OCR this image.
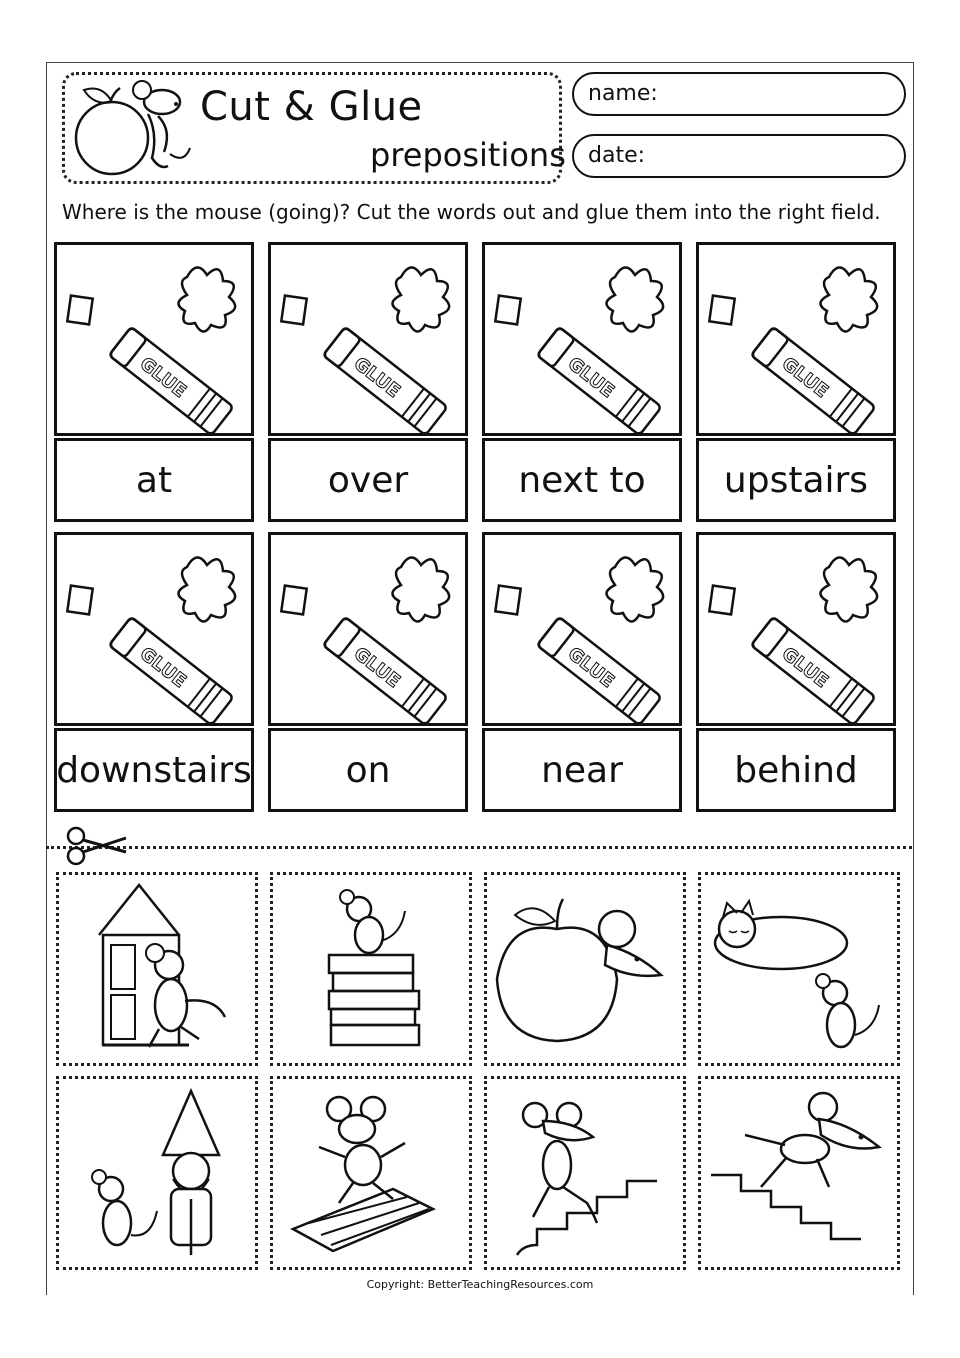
Cut & Glue
prepositions
name:
date:
Where is the mouse (going)? Cut the words out and glue them into the right field.
at	over	next to	upstairs
downstairs	on	near	behind
Copyright: BetterTeachingResources.com
